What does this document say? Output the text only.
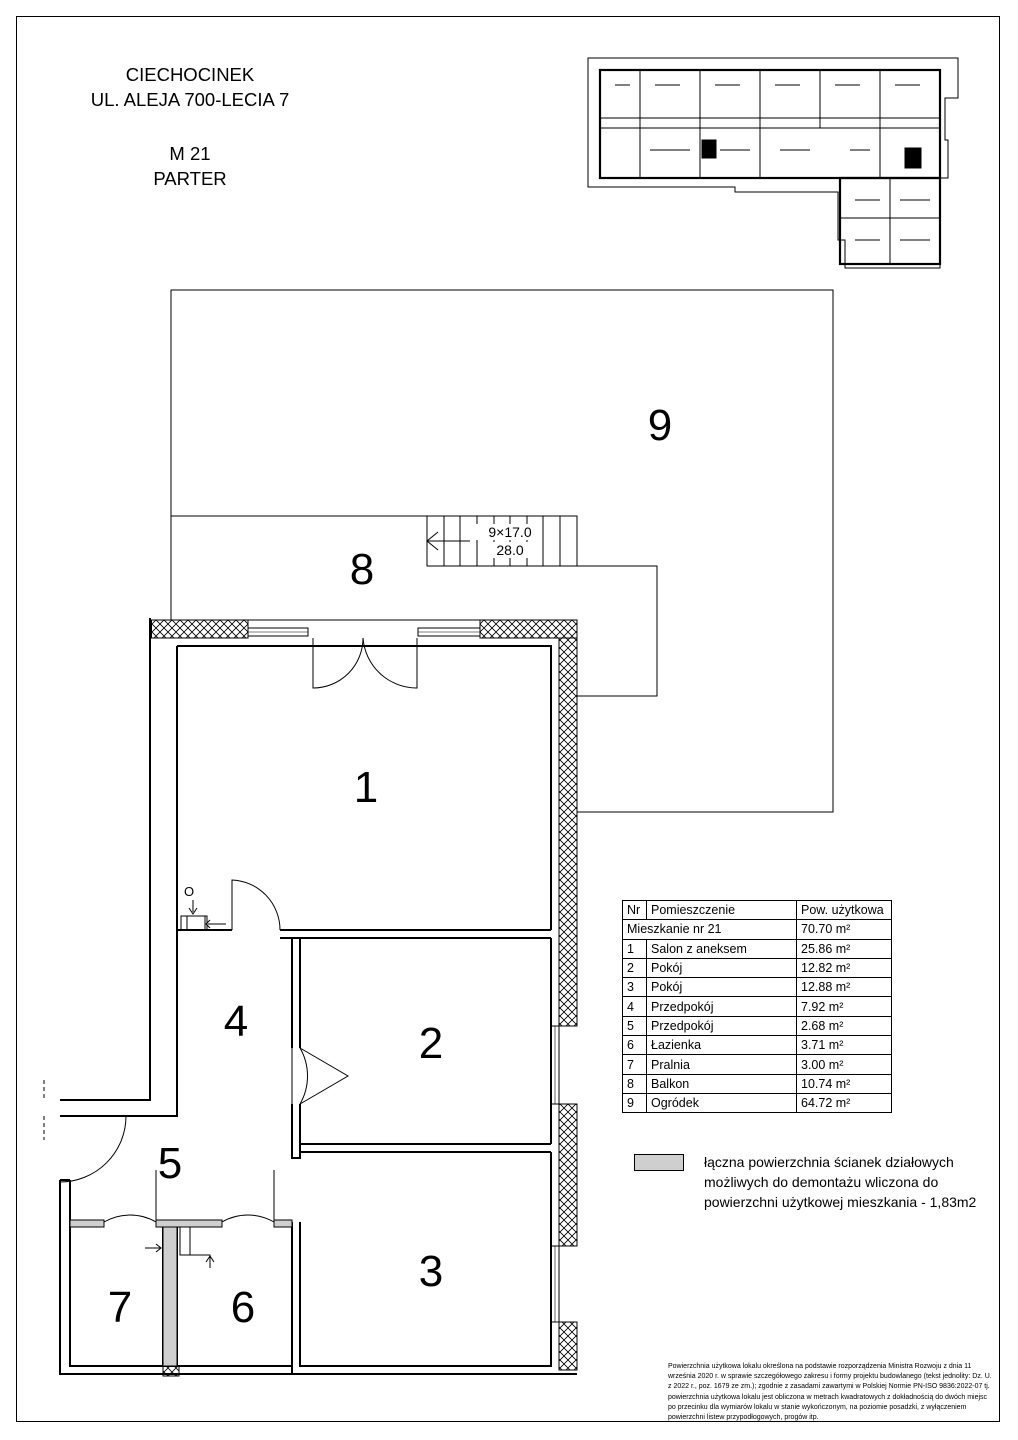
CIECHOCINEK
UL. ALEJA 700-LECIA 7
M 21
PARTER
9×17.0
28.0
O
1
2
3
4
5
6
7
8
9
Nr	Pomieszczenie	Pow. użytkowa
Mieszkanie nr 21		70.70 m²
1	Salon z aneksem	25.86 m²
2	Pokój	12.82 m²
3	Pokój	12.88 m²
4	Przedpokój	7.92 m²
5	Przedpokój	2.68 m²
6	Łazienka	3.71 m²
7	Pralnia	3.00 m²
8	Balkon	10.74 m²
9	Ogródek	64.72 m²
łączna powierzchnia ścianek działowych możliwych do demontażu wliczona do powierzchni użytkowej mieszkania - 1,83m2
Powierzchnia użytkowa lokalu określona na podstawie rozporządzenia Ministra Rozwoju z dnia 11 września 2020 r. w sprawie szczegółowego zakresu i formy projektu budowlanego (tekst jednolity: Dz. U. z 2022 r., poz. 1679 ze zm.); zgodnie z zasadami zawartymi w Polskiej Normie PN-ISO 9836:2022-07 tj. powierzchnia użytkowa lokalu jest obliczona w metrach kwadratowych z dokładnością do dwóch miejsc po przecinku dla wymiarów lokalu w stanie wykończonym, na poziomie posadzki, z wyłączeniem powierzchni listew przypodłogowych, progów itp.
